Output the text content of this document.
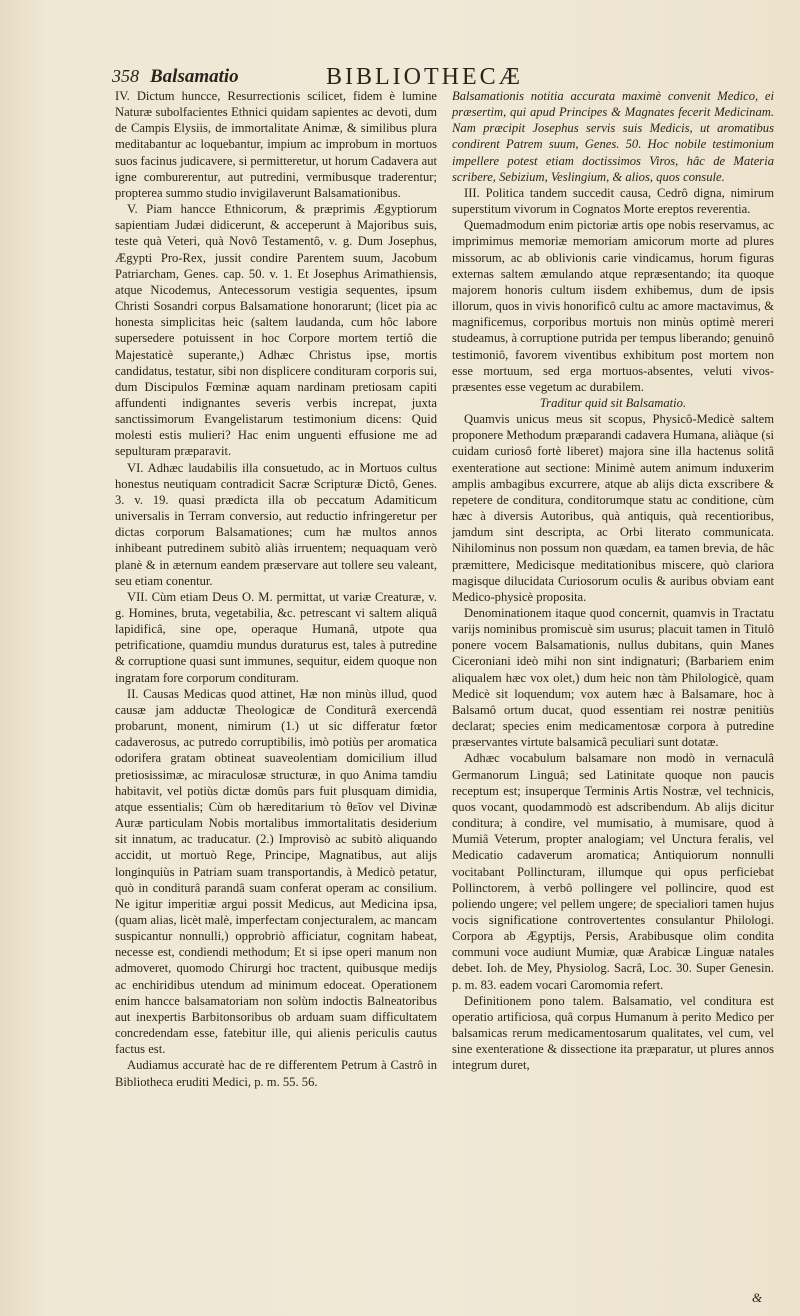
358 Balsamatio	BIBLIOTHECÆ

IV. Dictum huncce, Resurrectionis scilicet, fidem è lumine Naturæ subolfacientes Ethnici quidam sapientes ac devoti, dum de Campis Elysiis, de immortalitate Animæ, & similibus plura meditabantur ac loquebantur, impium ac improbum in mortuos suos facinus judicavere, si permitteretur, ut horum Cadavera aut igne comburerentur, aut putredini, vermibusque traderentur; propterea summo studio invigilaverunt Balsamationibus.

V. Piam hancce Ethnicorum, & præprimis Ægyptiorum sapientiam Judæi didicerunt, & acceperunt à Majoribus suis, teste quà Veteri, quà Novô Testamentô, v. g. Dum Josephus, Ægypti Pro-Rex, jussit condire Parentem suum, Jacobum Patriarcham, Genes. cap. 50. v. 1. Et Josephus Arimathiensis, atque Nicodemus, Antecessorum vestigia sequentes, ipsum Christi Sosandri corpus Balsamatione honorarunt; (licet pia ac honesta simplicitas heic (saltem laudanda, cum hôc labore supersedere potuissent in hoc Corpore mortem tertiô die Majestaticè superante,) Adhæc Christus ipse, mortis candidatus, testatur, sibi non displicere condituram corporis sui, dum Discipulos Fœminæ aquam nardinam pretiosam capiti affundenti indignantes severis verbis increpat, juxta sanctissimorum Evangelistarum testimonium dicens: Quid molesti estis mulieri? Hac enim unguenti effusione me ad sepulturam præparavit.

VI. Adhæc laudabilis illa consuetudo, ac in Mortuos cultus honestus neutiquam contradicit Sacræ Scripturæ Dictô, Genes. 3. v. 19. quasi prædicta illa ob peccatum Adamiticum universalis in Terram conversio, aut reductio infringeretur per dictas corporum Balsamationes; cum hæ multos annos inhibeant putredinem subitò aliàs irruentem; nequaquam verò planè & in æternum eandem præservare aut tollere seu valeant, seu etiam conentur.

VII. Cùm etiam Deus O. M. permittat, ut variæ Creaturæ, v. g. Homines, bruta, vegetabilia, &c. petrescant vi saltem aliquâ lapidificâ, sine ope, operaque Humanâ, utpote qua petrificatione, quamdiu mundus duraturus est, tales à putredine & corruptione quasi sunt immunes, sequitur, eidem quoque non ingratam fore corporum condituram.

II. Causas Medicas quod attinet, Hæ non minùs illud, quod causæ jam adductæ Theologicæ de Conditurâ exercendâ probarunt, monent, nimirum (1.) ut sic differatur fœtor cadaverosus, ac putredo corruptibilis, imò potiùs per aromatica odorifera gratam obtineat suaveolentiam domicilium illud pretiosissimæ, ac miraculosæ structuræ, in quo Anima tamdiu habitavit, vel potiùs dictæ domûs pars fuit plusquam dimidia, atque essentialis; Cùm ob hæreditarium τὸ θεῖον vel Divinæ Auræ particulam Nobis mortalibus immortalitatis desiderium sit innatum, ac traducatur. (2.) Improvisò ac subitò aliquando accidit, ut mortuò Rege, Principe, Magnatibus, aut alijs longinquiùs in Patriam suam transportandis, à Medicò petatur, quò in conditurâ parandâ suam conferat operam ac consilium. Ne igitur imperitiæ argui possit Medicus, aut Medicina ipsa, (quam alias, licèt malè, imperfectam conjecturalem, ac mancam suspicantur nonnulli,) opprobriò afficiatur, cognitam habeat, necesse est, condiendi methodum; Et si ipse operi manum non admoveret, quomodo Chirurgi hoc tractent, quibusque medijs ac enchiridibus utendum ad minimum edoceat. Operationem enim hancce balsamatoriam non solùm indoctis Balneatoribus aut inexpertis Barbitonsoribus ob arduam suam difficultatem concredendam esse, fatebitur ille, qui alienis periculis cautus factus est.

Audiamus accuratè hac de re differentem Petrum à Castrô in Bibliotheca eruditi Medici, p. m. 55. 56.

Balsamationis notitia accurata maximè convenit Medico, ei præsertim, qui apud Principes & Magnates fecerit Medicinam. Nam præcipit Josephus servis suis Medicis, ut aromatibus condirent Patrem suum, Genes. 50. Hoc nobile testimonium impellere potest etiam doctissimos Viros, hâc de Materia scribere, Sebizium, Veslingium, & alios, quos consule.

III. Politica tandem succedit causa, Cedrô digna, nimirum superstitum vivorum in Cognatos Morte ereptos reverentia.

Quemadmodum enim pictoriæ artis ope nobis reservamus, ac imprimimus memoriæ memoriam amicorum morte ad plures missorum, ac ab oblivionis carie vindicamus, horum figuras externas saltem æmulando atque repræsentando; ita quoque majorem honoris cultum iisdem exhibemus, dum de ipsis illorum, quos in vivis honorificô cultu ac amore mactavimus, & magnificemus, corporibus mortuis non minùs optimè mereri studeamus, à corruptione putrida per tempus liberando; genuinô testimoniô, favorem viventibus exhibitum post mortem non esse mortuum, sed erga mortuos-absentes, veluti vivos-præsentes esse vegetum ac durabilem.

Traditur quid sit Balsamatio.

Quamvis unicus meus sit scopus, Physicô-Medicè saltem proponere Methodum præparandi cadavera Humana, aliàque (si cuidam curiosô fortè liberet) majora sine illa hactenus solitâ exenteratione aut sectione: Minimè autem animum induxerim amplis ambagibus excurrere, atque ab alijs dicta exscribere & repetere de conditura, conditorumque statu ac conditione, cùm hæc à diversis Autoribus, quà antiquis, quà recentioribus, jamdum sint descripta, ac Orbi literato communicata. Nihilominus non possum non quædam, ea tamen brevia, de hâc præmittere, Medicisque meditationibus miscere, quò clariora magisque dilucidata Curiosorum oculis & auribus obviam eant Medico-physicè proposita.

Denominationem itaque quod concernit, quamvis in Tractatu varijs nominibus promiscuè sim usurus; placuit tamen in Titulô ponere vocem Balsamationis, nullus dubitans, quin Manes Ciceroniani ideò mihi non sint indignaturi; (Barbariem enim aliqualem hæc vox olet,) dum heic non tàm Philologicè, quam Medicè sit loquendum; vox autem hæc à Balsamare, hoc à Balsamô ortum ducat, quod essentiam rei nostræ penitiùs declarat; species enim medicamentosæ corpora à putredine præservantes virtute balsamicâ peculiari sunt dotatæ.

Adhæc vocabulum balsamare non modò in vernaculâ Germanorum Linguâ; sed Latinitate quoque non paucis receptum est; insuperque Terminis Artis Nostræ, vel technicis, quos vocant, quodammodò est adscribendum. Ab alijs dicitur conditura; à condire, vel mumisatio, à mumisare, quod à Mumiâ Veterum, propter analogiam; vel Unctura feralis, vel Medicatio cadaverum aromatica; Antiquiorum nonnulli vocitabant Pollincturam, illumque qui opus perficiebat Pollinctorem, à verbô pollingere vel pollincire, quod est poliendo ungere; vel pellem ungere; de specialiori tamen hujus vocis significatione controvertentes consulantur Philologi. Corpora ab Ægyptijs, Persis, Arabibusque olim condita communi voce audiunt Mumiæ, quæ Arabicæ Linguæ natales debet. Ioh. de Mey, Physiolog. Sacrâ, Loc. 30. Super Genesin. p. m. 83. eadem vocari Caromomia refert.

Definitionem pono talem. Balsamatio, vel conditura est operatio artificiosa, quâ corpus Humanum à perito Medico per balsamicas rerum medicamentosarum qualitates, vel cum, vel sine exenteratione & dissectione ita præparatur, ut plures annos integrum duret,

&
